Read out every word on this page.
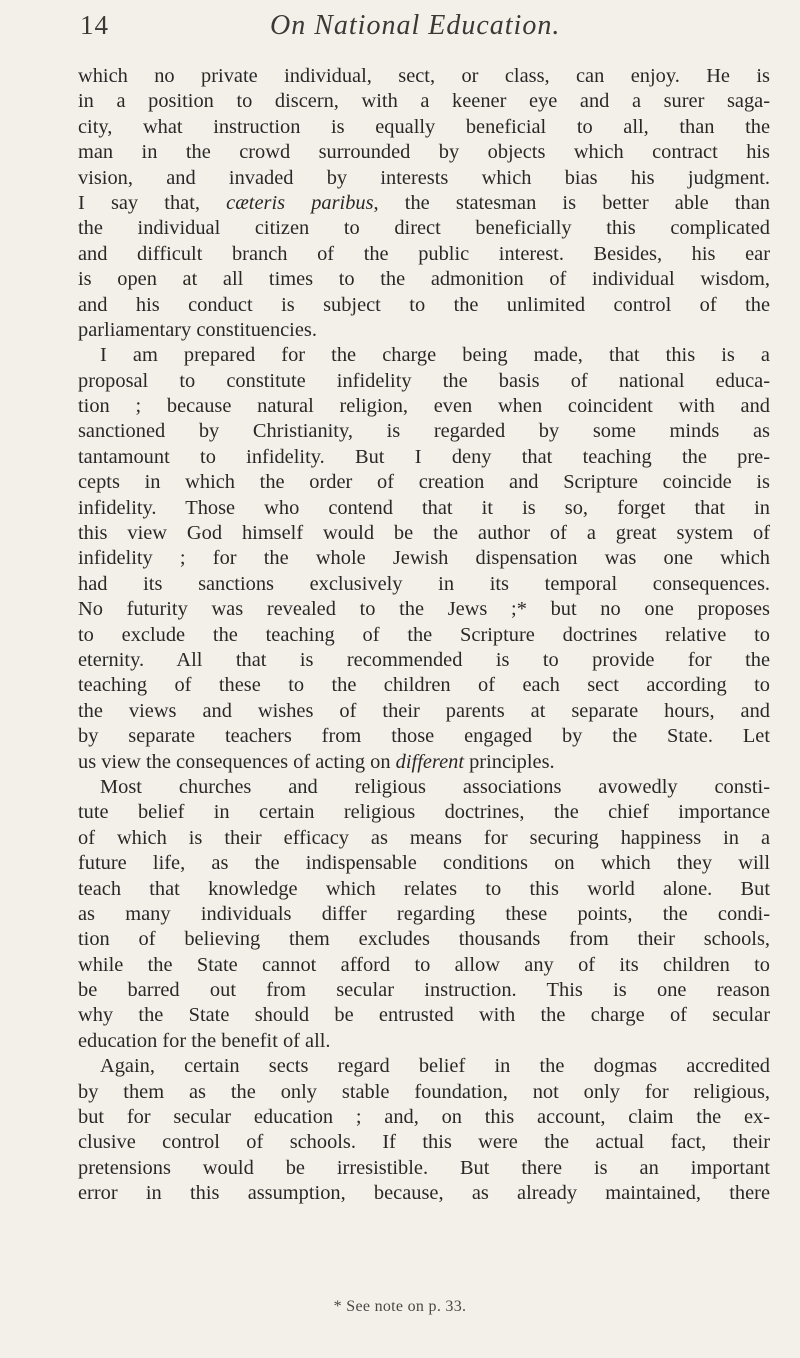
14	On National Education.
which no private individual, sect, or class, can enjoy. He is
in a position to discern, with a keener eye and a surer saga-
city, what instruction is equally beneficial to all, than the
man in the crowd surrounded by objects which contract his
vision, and invaded by interests which bias his judgment.
I say that, cæteris paribus, the statesman is better able than
the individual citizen to direct beneficially this complicated
and difficult branch of the public interest. Besides, his ear
is open at all times to the admonition of individual wisdom,
and his conduct is subject to the unlimited control of the
parliamentary constituencies.
I am prepared for the charge being made, that this is a
proposal to constitute infidelity the basis of national educa-
tion ; because natural religion, even when coincident with and
sanctioned by Christianity, is regarded by some minds as
tantamount to infidelity. But I deny that teaching the pre-
cepts in which the order of creation and Scripture coincide is
infidelity. Those who contend that it is so, forget that in
this view God himself would be the author of a great system of
infidelity ; for the whole Jewish dispensation was one which
had its sanctions exclusively in its temporal consequences.
No futurity was revealed to the Jews ;* but no one proposes
to exclude the teaching of the Scripture doctrines relative to
eternity. All that is recommended is to provide for the
teaching of these to the children of each sect according to
the views and wishes of their parents at separate hours, and
by separate teachers from those engaged by the State. Let
us view the consequences of acting on different principles.
Most churches and religious associations avowedly consti-
tute belief in certain religious doctrines, the chief importance
of which is their efficacy as means for securing happiness in a
future life, as the indispensable conditions on which they will
teach that knowledge which relates to this world alone. But
as many individuals differ regarding these points, the condi-
tion of believing them excludes thousands from their schools,
while the State cannot afford to allow any of its children to
be barred out from secular instruction. This is one reason
why the State should be entrusted with the charge of secular
education for the benefit of all.
Again, certain sects regard belief in the dogmas accredited
by them as the only stable foundation, not only for religious,
but for secular education ; and, on this account, claim the ex-
clusive control of schools. If this were the actual fact, their
pretensions would be irresistible. But there is an important
error in this assumption, because, as already maintained, there
* See note on p. 33.
